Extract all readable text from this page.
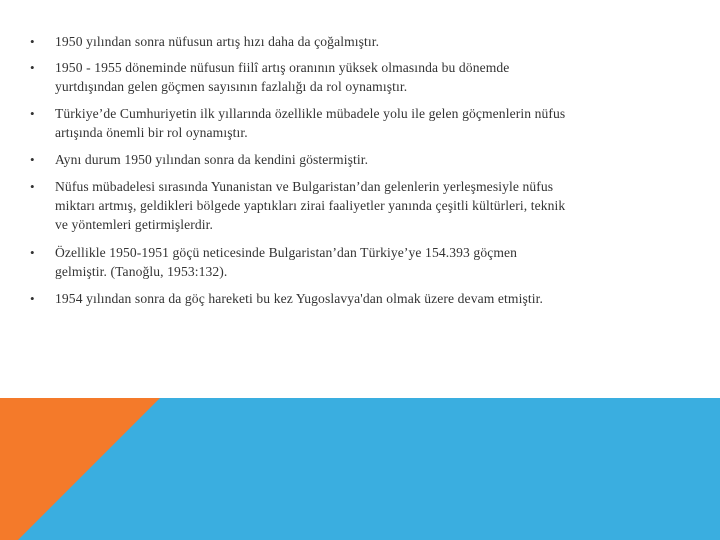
• 1950 yılından sonra nüfusun artış hızı daha da çoğalmıştır.
• 1950 - 1955 döneminde nüfusun fiilî artış oranının yüksek olmasında bu dönemde
yurtdışından gelen göçmen sayısının fazlalığı da rol oynamıştır.
• Türkiye’de Cumhuriyetin ilk yıllarında özellikle mübadele yolu ile gelen göçmenlerin nüfus
artışında önemli bir rol oynamıştır.
• Aynı durum 1950 yılından sonra da kendini göstermiştir.
• Nüfus mübadelesi sırasında Yunanistan ve Bulgaristan’dan gelenlerin yerleşmesiyle nüfus
miktarı artmış, geldikleri bölgede yaptıkları zirai faaliyetler yanında çeşitli kültürleri, teknik
ve yöntemleri getirmişlerdir.
• Özellikle 1950-1951 göçü neticesinde Bulgaristan’dan Türkiye’ye 154.393 göçmen
gelmiştir. (Tanoğlu, 1953:132).
• 1954 yılından sonra da göç hareketi bu kez Yugoslavya'dan olmak üzere devam etmiştir.
